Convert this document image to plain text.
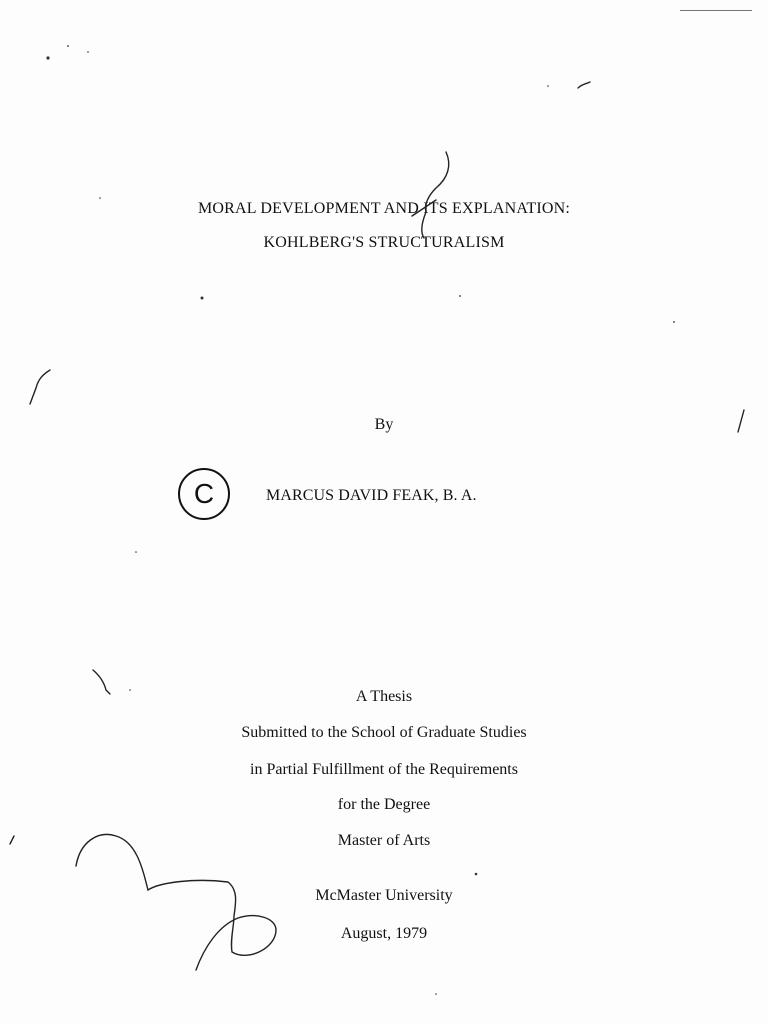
MORAL DEVELOPMENT AND ITS EXPLANATION:
KOHLBERG'S STRUCTURALISM
By
C	MARCUS DAVID FEAK, B. A.
A Thesis
Submitted to the School of Graduate Studies
in Partial Fulfillment of the Requirements
for the Degree
Master of Arts
McMaster University
August, 1979
